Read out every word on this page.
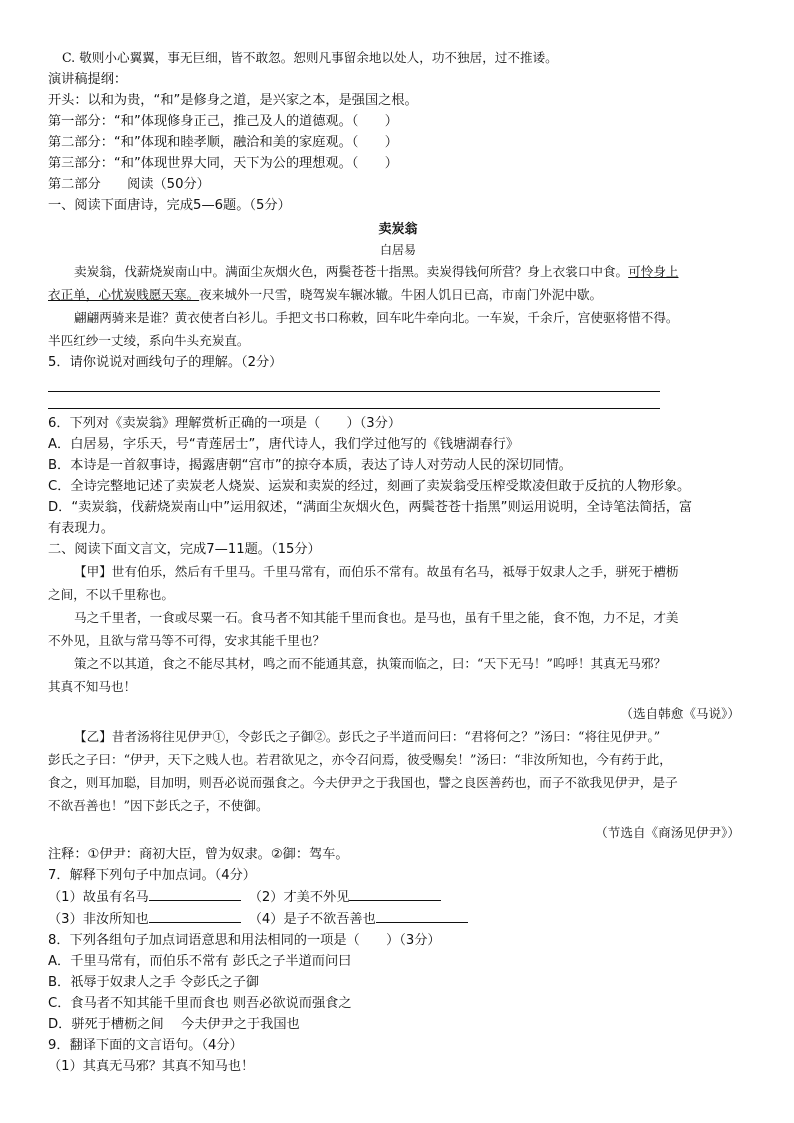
C. 敬则小心翼翼，事无巨细，皆不敢忽。恕则凡事留余地以处人，功不独居，过不推诿。

演讲稿提纲：

开头：以和为贵，“和”是修身之道，是兴家之本，是强国之根。

第一部分：“和”体现修身正己，推己及人的道德观。（　　）

第二部分：“和”体现和睦孝顺，融洽和美的家庭观。（　　）

第三部分：“和”体现世界大同，天下为公的理想观。（　　）

第二部分　　阅读（50分）

一、阅读下面唐诗，完成5—6题。（5分）

卖炭翁

白居易

卖炭翁，伐薪烧炭南山中。满面尘灰烟火色，两鬓苍苍十指黑。卖炭得钱何所营？身上衣裳口中食。可怜身上

衣正单，心忧炭贱愿天寒。夜来城外一尺雪，晓驾炭车辗冰辙。牛困人饥日已高，市南门外泥中歇。

翩翩两骑来是谁？黄衣使者白衫儿。手把文书口称敕，回车叱牛牵向北。一车炭，千余斤，宫使驱将惜不得。

半匹红纱一丈绫，系向牛头充炭直。

5．请你说说对画线句子的理解。（2分）

6．下列对《卖炭翁》理解赏析正确的一项是（　　）（3分）

A．白居易，字乐天，号“青莲居士”，唐代诗人，我们学过他写的《钱塘湖春行》

B．本诗是一首叙事诗，揭露唐朝“宫市”的掠夺本质，表达了诗人对劳动人民的深切同情。

C．全诗完整地记述了卖炭老人烧炭、运炭和卖炭的经过，刻画了卖炭翁受压榨受欺凌但敢于反抗的人物形象。

D．“卖炭翁，伐薪烧炭南山中”运用叙述，“满面尘灰烟火色，两鬓苍苍十指黑”则运用说明，全诗笔法简括，富

有表现力。

二、阅读下面文言文，完成7—11题。（15分）

【甲】世有伯乐，然后有千里马。千里马常有，而伯乐不常有。故虽有名马，祗辱于奴隶人之手，骈死于槽枥

之间，不以千里称也。

马之千里者，一食或尽粟一石。食马者不知其能千里而食也。是马也，虽有千里之能，食不饱，力不足，才美

不外见，且欲与常马等不可得，安求其能千里也？

策之不以其道，食之不能尽其材，鸣之而不能通其意，执策而临之，曰：“天下无马！”呜呼！其真无马邪？

其真不知马也！

（选自韩愈《马说》）

【乙】昔者汤将往见伊尹①，令彭氏之子御②。彭氏之子半道而问曰：“君将何之？”汤曰：“将往见伊尹。”

彭氏之子曰：“伊尹，天下之贱人也。若君欲见之，亦令召问焉，彼受赐矣！”汤曰：“非汝所知也，今有药于此，

食之，则耳加聪，目加明，则吾必说而强食之。今夫伊尹之于我国也，譬之良医善药也，而子不欲我见伊尹，是子

不欲吾善也！”因下彭氏之子，不使御。

（节选自《商汤见伊尹》）

注释：①伊尹：商初大臣，曾为奴隶。②御：驾车。

7．解释下列句子中加点词。（4分）

（1）故虽有名马	（2）才美不外见

（3）非汝所知也	（4）是子不欲吾善也

8．下列各组句子加点词语意思和用法相同的一项是（　　）（3分）

A．千里马常有，而伯乐不常有 彭氏之子半道而问曰

B．祇辱于奴隶人之手 令彭氏之子御

C．食马者不知其能千里而食也 则吾必欲说而强食之

D．骈死于槽枥之间　 今夫伊尹之于我国也

9．翻译下面的文言语句。（4分）

（1）其真无马邪？其真不知马也！
